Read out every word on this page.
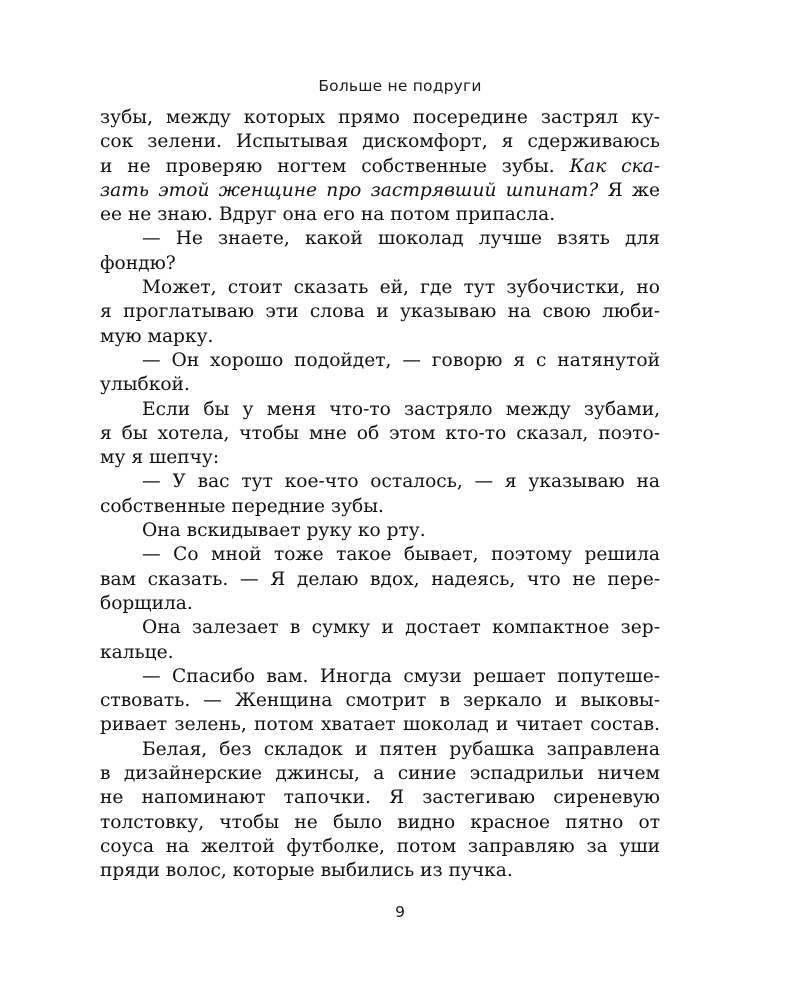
Больше не подруги
зубы, между которых прямо посередине застрял ку-
сок зелени. Испытывая дискомфорт, я сдерживаюсь
и не проверяю ногтем собственные зубы. Как ска-
зать этой женщине про застрявший шпинат? Я же
ее не знаю. Вдруг она его на потом припасла.
— Не знаете, какой шоколад лучше взять для
фондю?
Может, стоит сказать ей, где тут зубочистки, но
я проглатываю эти слова и указываю на свою люби-
мую марку.
— Он хорошо подойдет, — говорю я с натянутой
улыбкой.
Если бы у меня что-то застряло между зубами,
я бы хотела, чтобы мне об этом кто-то сказал, поэто-
му я шепчу:
— У вас тут кое-что осталось, — я указываю на
собственные передние зубы.
Она вскидывает руку ко рту.
— Со мной тоже такое бывает, поэтому решила
вам сказать. — Я делаю вдох, надеясь, что не пере-
борщила.
Она залезает в сумку и достает компактное зер-
кальце.
— Спасибо вам. Иногда смузи решает попутеше-
ствовать. — Женщина смотрит в зеркало и выковы-
ривает зелень, потом хватает шоколад и читает состав.
Белая, без складок и пятен рубашка заправлена
в дизайнерские джинсы, а синие эспадрильи ничем
не напоминают тапочки. Я застегиваю сиреневую
толстовку, чтобы не было видно красное пятно от
соуса на желтой футболке, потом заправляю за уши
пряди волос, которые выбились из пучка.
9
